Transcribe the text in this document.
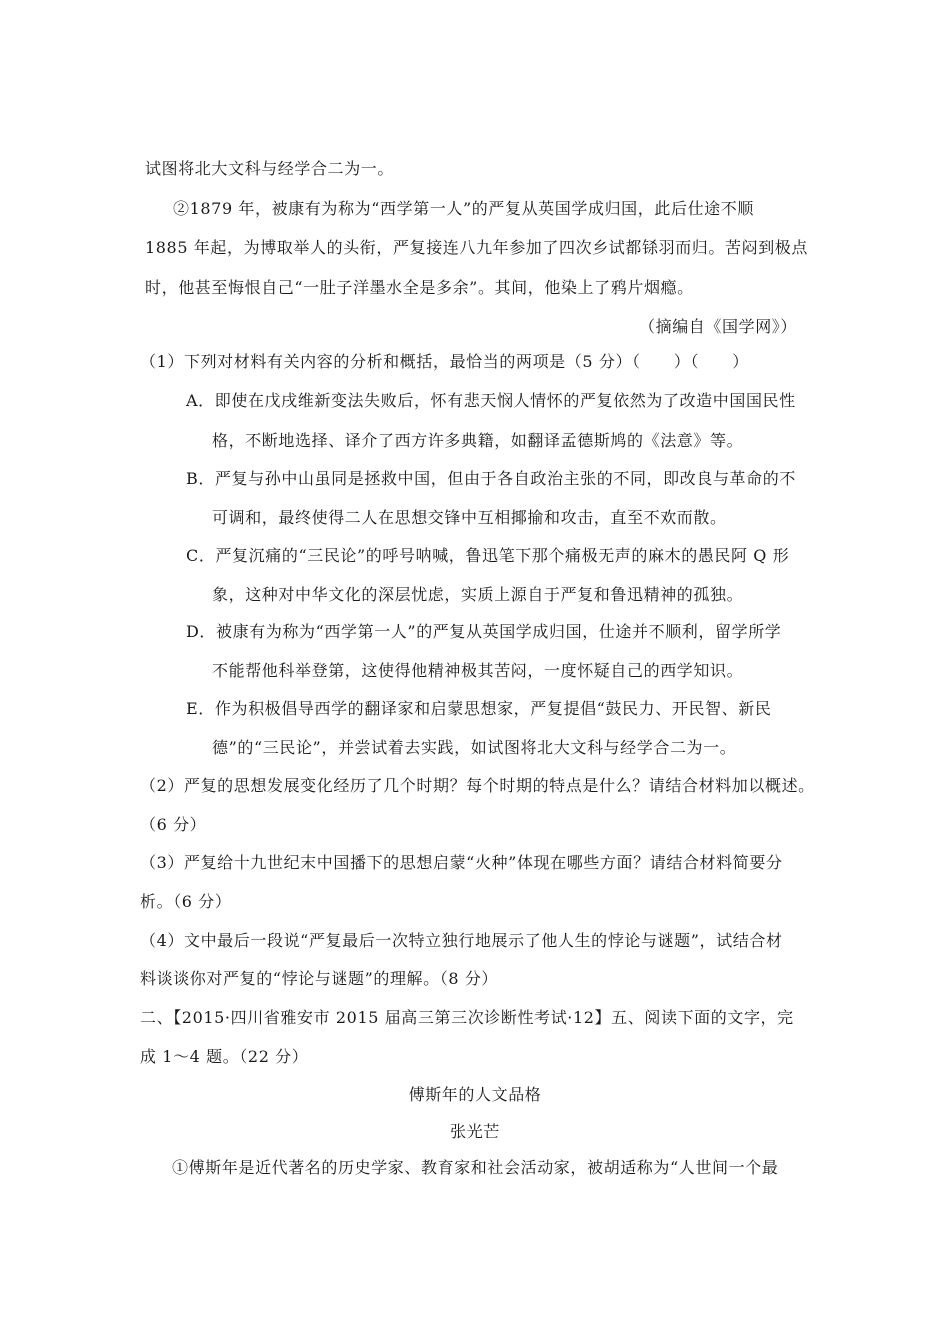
试图将北大文科与经学合二为一。
②1879 年，被康有为称为“西学第一人”的严复从英国学成归国，此后仕途不顺
1885 年起，为博取举人的头衔，严复接连八九年参加了四次乡试都铩羽而归。苦闷到极点
时，他甚至悔恨自己“一肚子洋墨水全是多余”。其间，他染上了鸦片烟瘾。
（摘编自《国学网》）
（1）下列对材料有关内容的分析和概括，最恰当的两项是（5 分）（　　）（　　）
A．即使在戊戌维新变法失败后，怀有悲天悯人情怀的严复依然为了改造中国国民性
格，不断地选择、译介了西方许多典籍，如翻译孟德斯鸠的《法意》等。
B．严复与孙中山虽同是拯救中国，但由于各自政治主张的不同，即改良与革命的不
可调和，最终使得二人在思想交锋中互相揶揄和攻击，直至不欢而散。
C．严复沉痛的“三民论”的呼号呐喊，鲁迅笔下那个痛极无声的麻木的愚民阿 Q 形
象，这种对中华文化的深层忧虑，实质上源自于严复和鲁迅精神的孤独。
D．被康有为称为“西学第一人”的严复从英国学成归国，仕途并不顺利，留学所学
不能帮他科举登第，这使得他精神极其苦闷，一度怀疑自己的西学知识。
E．作为积极倡导西学的翻译家和启蒙思想家，严复提倡“鼓民力、开民智、新民
德”的“三民论”，并尝试着去实践，如试图将北大文科与经学合二为一。
（2）严复的思想发展变化经历了几个时期？每个时期的特点是什么？请结合材料加以概述。
（6 分）
（3）严复给十九世纪末中国播下的思想启蒙“火种”体现在哪些方面？请结合材料简要分
析。（6 分）
（4）文中最后一段说“严复最后一次特立独行地展示了他人生的悖论与谜题”，试结合材
料谈谈你对严复的“悖论与谜题”的理解。（8 分）
二、【2015·四川省雅安市 2015 届高三第三次诊断性考试·12】五、阅读下面的文字，完
成 1～4 题。（22 分）
傅斯年的人文品格
张光芒
①傅斯年是近代著名的历史学家、教育家和社会活动家，被胡适称为“人世间一个最
